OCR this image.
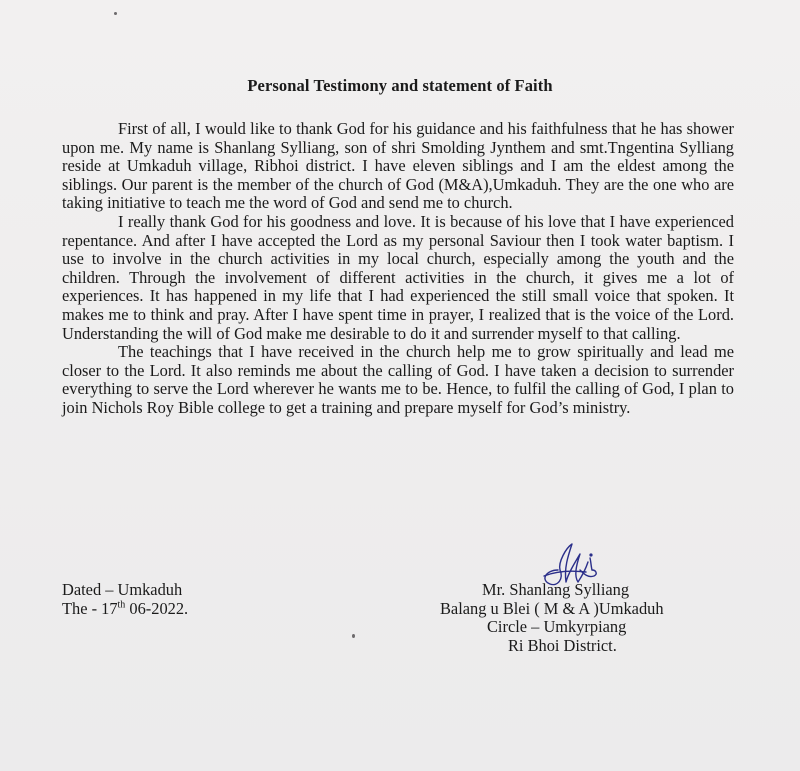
Personal Testimony and statement of Faith

First of all, I would like to thank God for his guidance and his faithfulness that he has shower upon me. My name is Shanlang Sylliang, son of shri Smolding Jynthem and smt.Tngentina Sylliang reside at Umkaduh village, Ribhoi district. I have eleven siblings and I am the eldest among the siblings. Our parent is the member of the church of God (M&A),Umkaduh. They are the one who are taking initiative to teach me the word of God and send me to church.

I really thank God for his goodness and love. It is because of his love that I have experienced repentance. And after I have accepted the Lord as my personal Saviour then I took water baptism. I use to involve in the church activities in my local church, especially among the youth and the children. Through the involvement of different activities in the church, it gives me a lot of experiences. It has happened in my life that I had experienced the still small voice that spoken. It makes me to think and pray. After I have spent time in prayer, I realized that is the voice of the Lord. Understanding the will of God make me desirable to do it and surrender myself to that calling.

The teachings that I have received in the church help me to grow spiritually and lead me closer to the Lord. It also reminds me about the calling of God. I have taken a decision to surrender everything to serve the Lord wherever he wants me to be. Hence, to fulfil the calling of God, I plan to join Nichols Roy Bible college to get a training and prepare myself for God’s ministry.

Dated – Umkaduh
The - 17th 06-2022.
Mr. Shanlang Sylliang
Balang u Blei ( M & A )Umkaduh
Circle – Umkyrpiang
Ri Bhoi District.
